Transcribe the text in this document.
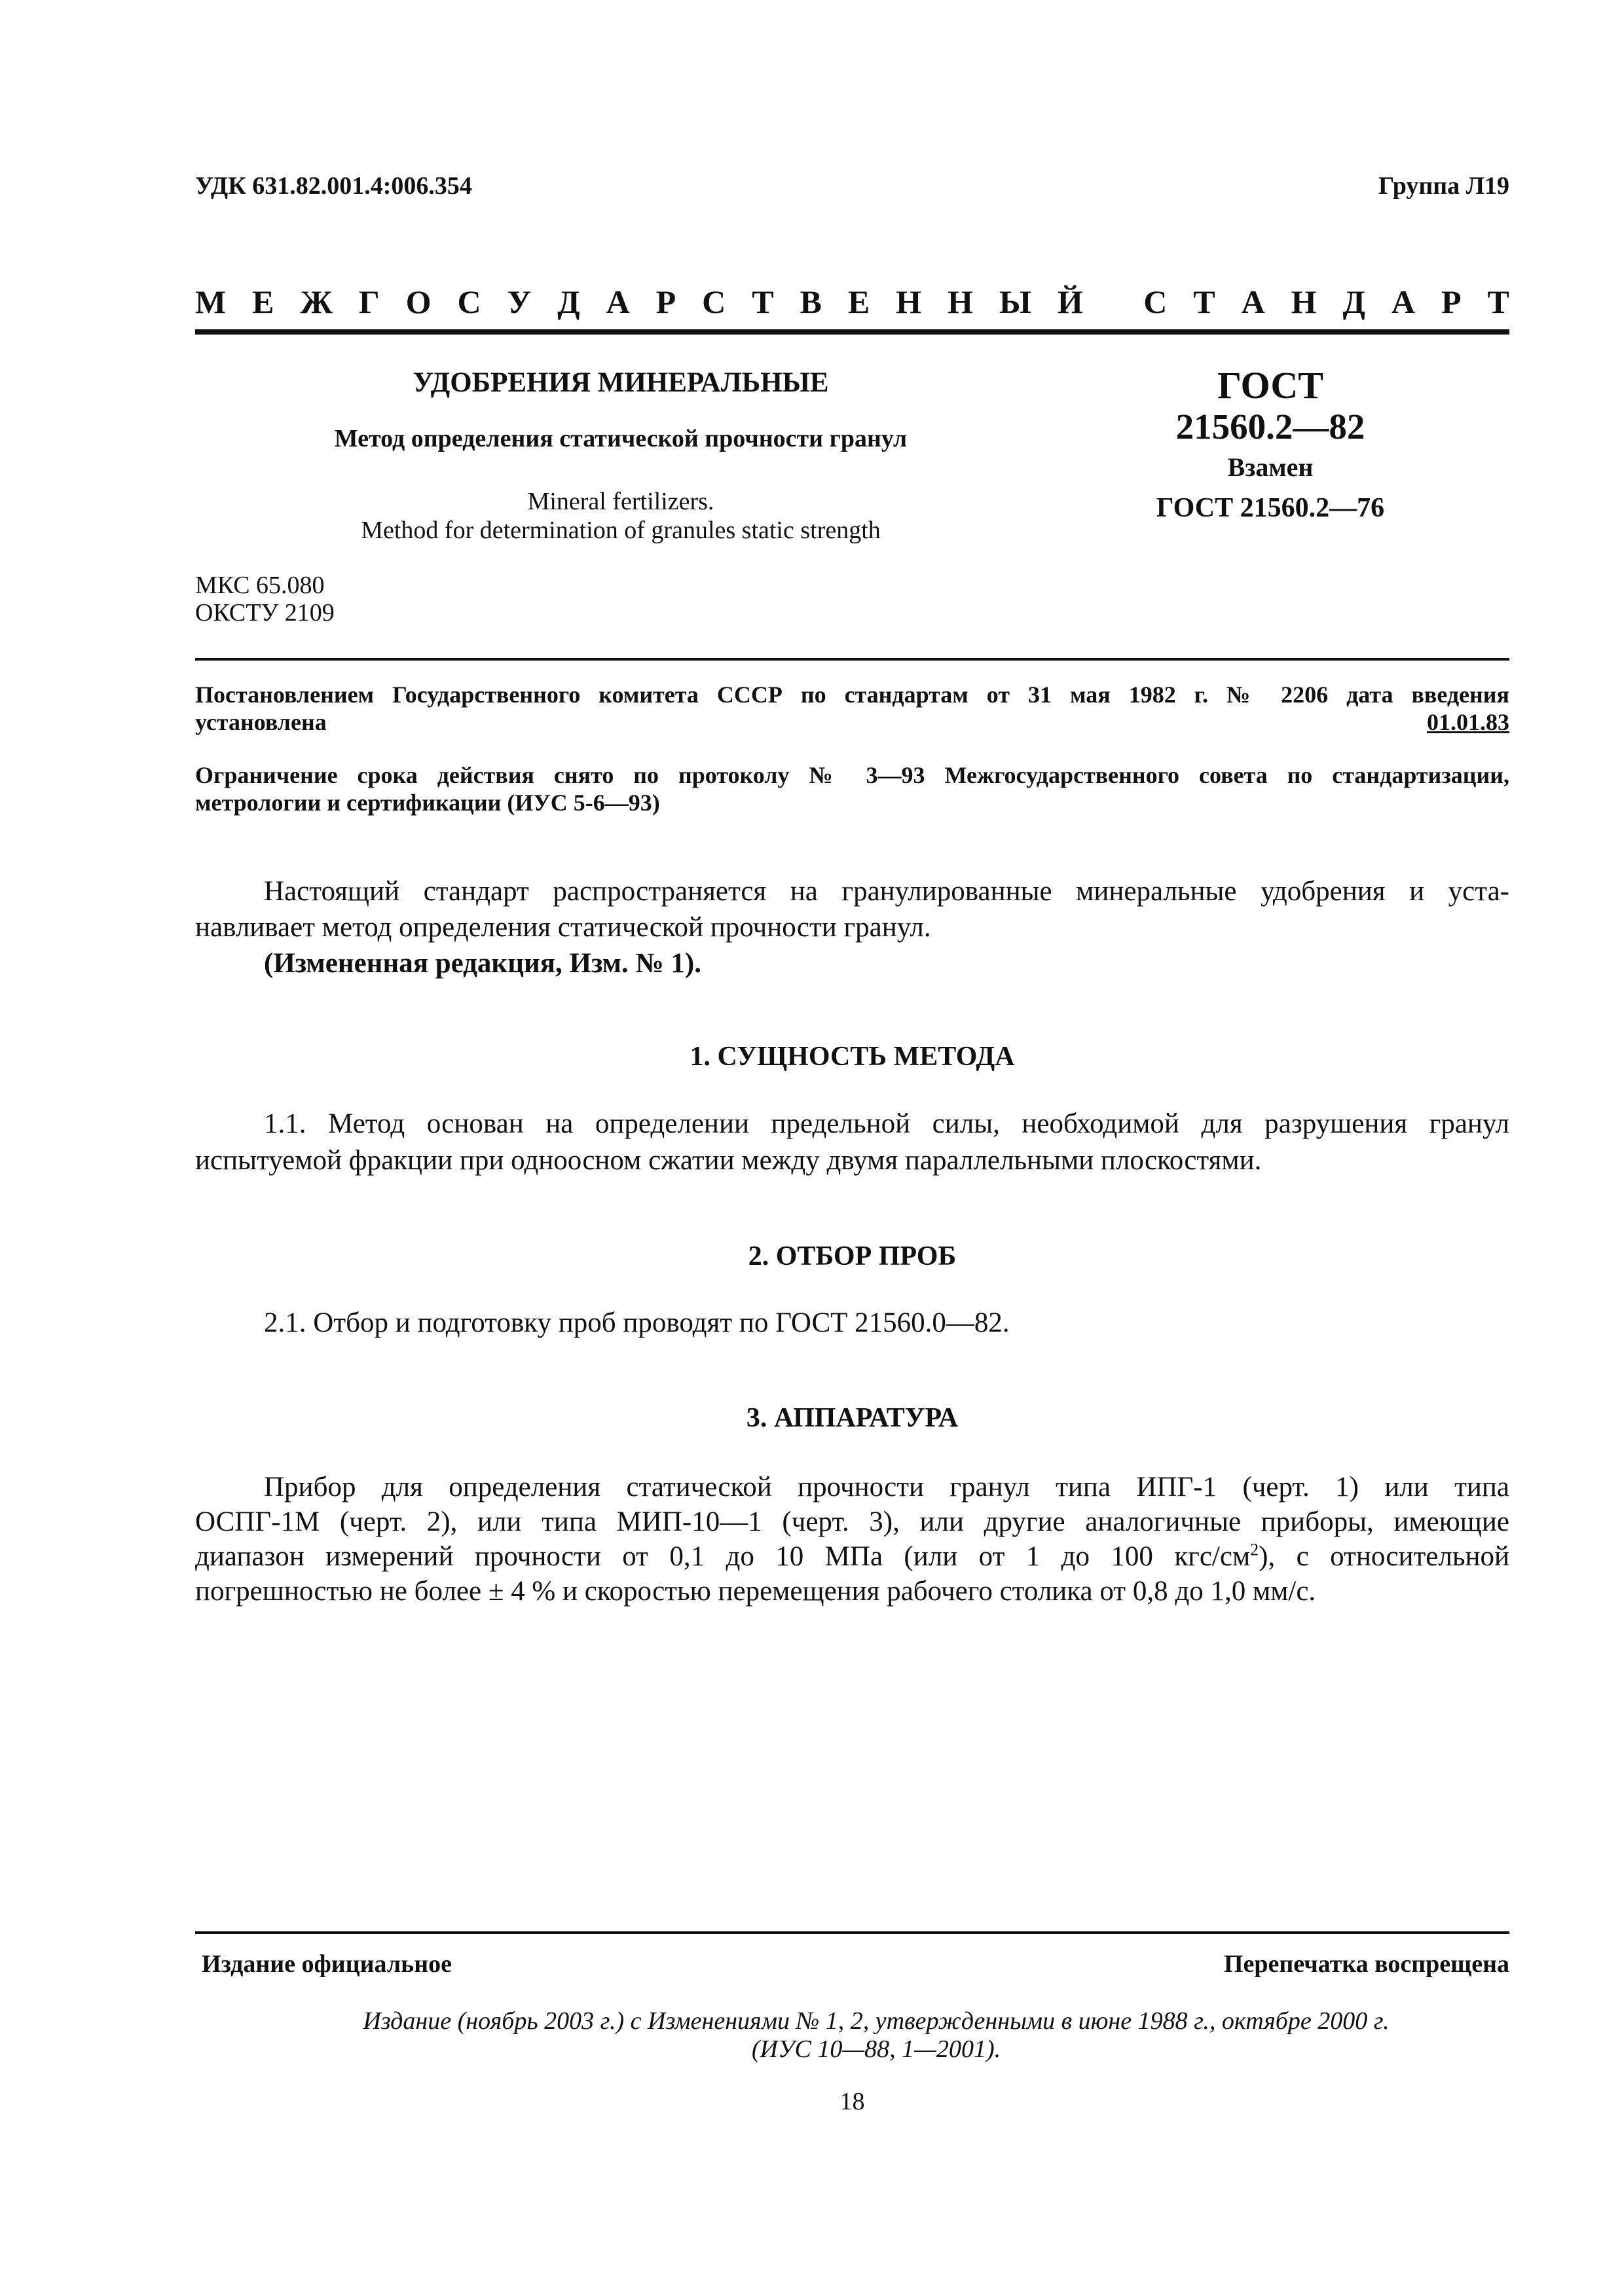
УДК 631.82.001.4:006.354	Группа Л19
М Е Ж Г О С У Д А Р С Т В Е Н Н Ы Й
С Т А Н Д А Р Т
УДОБРЕНИЯ МИНЕРАЛЬНЫЕ
Метод определения статической прочности гранул
Mineral fertilizers.
Method for determination of granules static strength
МКС 65.080
ОКСТУ 2109
ГОСТ
21560.2—82
Взамен
ГОСТ 21560.2—76
Постановлением Государственного комитета СССР по стандартам от 31 мая 1982 г. № 2206 дата введения
установлена	01.01.83
Ограничение срока действия снято по протоколу № 3—93 Межгосударственного совета по стандартизации,
метрологии и сертификации (ИУС 5-6—93)
Настоящий стандарт распространяется на гранулированные минеральные удобрения и уста-
навливает метод определения статической прочности гранул.
(Измененная редакция, Изм. № 1).
1. СУЩНОСТЬ МЕТОДА
1.1. Метод основан на определении предельной силы, необходимой для разрушения гранул
испытуемой фракции при одноосном сжатии между двумя параллельными плоскостями.
2. ОТБОР ПРОБ
2.1. Отбор и подготовку проб проводят по ГОСТ 21560.0—82.
3. АППАРАТУРА
Прибор для определения статической прочности гранул типа ИПГ-1 (черт. 1) или типа
ОСПГ-1М (черт. 2), или типа МИП-10—1 (черт. 3), или другие аналогичные приборы, имеющие
диапазон измерений прочности от 0,1 до 10 МПа (или от 1 до 100 кгс/$см^2$), с относительной
погрешностью не более ± 4 % и скоростью перемещения рабочего столика от 0,8 до 1,0 мм/с.
Издание официальное	Перепечатка воспрещена
Издание (ноябрь 2003 г.) с Изменениями № 1, 2, утвержденными в июне 1988 г., октябре 2000 г.
(ИУС 10—88, 1—2001).
18
